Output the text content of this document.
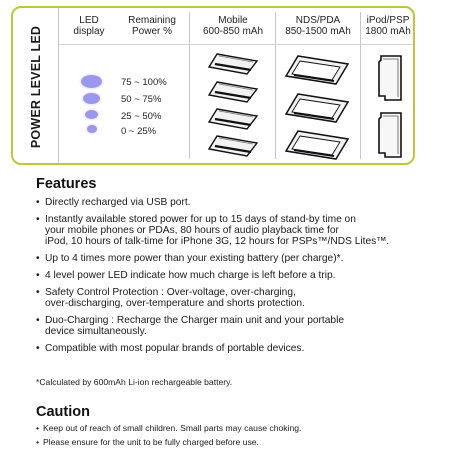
POWER LEVEL LED
LED
display
Remaining
Power %
Mobile
600-850 mAh
NDS/PDA
850-1500 mAh
iPod/PSP
1800 mAh
75 ~ 100%
50 ~ 75%
25 ~ 50%
0 ~ 25%
Features
• Directly recharged via USB port.
• Instantly available stored power for up to 15 days of stand-by time on
your mobile phones or PDAs, 80 hours of audio playback time for
iPod, 10 hours of talk-time for iPhone 3G, 12 hours for PSPs™/NDS Lites™.
• Up to 4 times more power than your existing battery (per charge)*.
• 4 level power LED indicate how much charge is left before a trip.
• Safety Control Protection : Over-voltage, over-charging,
over-discharging, over-temperature and shorts protection.
• Duo-Charging : Recharge the Charger main unit and your portable
device simultaneously.
• Compatible with most popular brands of portable devices.
*Calculated by 600mAh Li-ion rechargeable battery.
Caution
• Keep out of reach of small children. Small parts may cause choking.
• Please ensure for the unit to be fully charged before use.
